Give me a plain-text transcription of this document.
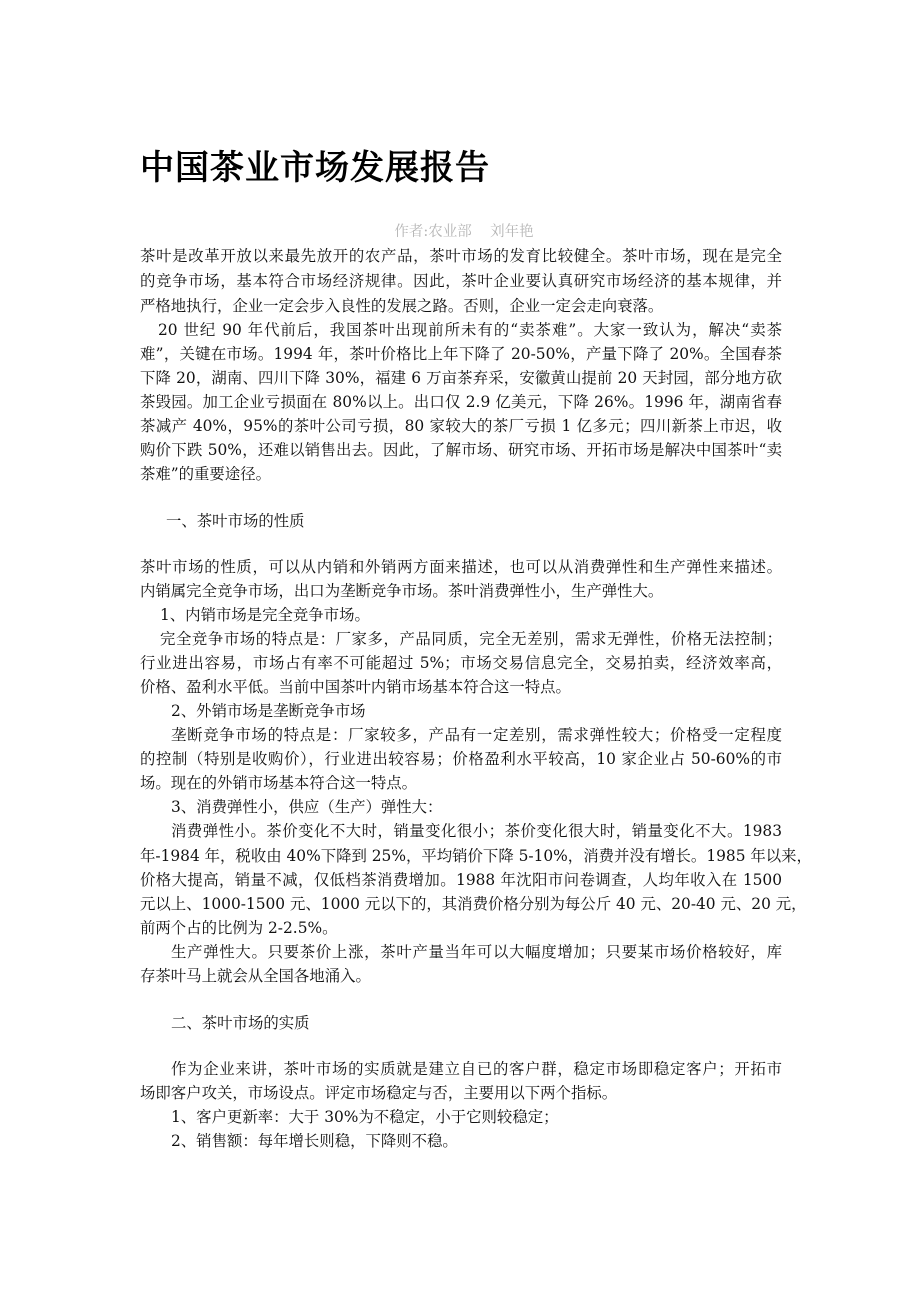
中国茶业市场发展报告
作者:农业部    刘年艳
茶叶是改革开放以来最先放开的农产品，茶叶市场的发育比较健全。茶叶市场，现在是完全
的竞争市场，基本符合市场经济规律。因此，茶叶企业要认真研究市场经济的基本规律，并
严格地执行，企业一定会步入良性的发展之路。否则，企业一定会走向衰落。
20 世纪 90 年代前后，我国茶叶出现前所未有的“卖茶难”。大家一致认为，解决“卖茶
难”，关键在市场。1994 年，茶叶价格比上年下降了 20-50%，产量下降了 20%。全国春茶
下降 20，湖南、四川下降 30%，福建 6 万亩茶弃采，安徽黄山提前 20 天封园，部分地方砍
茶毁园。加工企业亏损面在 80%以上。出口仅 2.9 亿美元，下降 26%。1996 年，湖南省春
茶减产 40%，95%的茶叶公司亏损，80 家较大的茶厂亏损 1 亿多元；四川新茶上市迟，收
购价下跌 50%，还难以销售出去。因此，了解市场、研究市场、开拓市场是解决中国茶叶“卖
茶难”的重要途径。
一、茶叶市场的性质
茶叶市场的性质，可以从内销和外销两方面来描述，也可以从消费弹性和生产弹性来描述。
内销属完全竞争市场，出口为垄断竞争市场。茶叶消费弹性小，生产弹性大。
1、内销市场是完全竞争市场。
完全竞争市场的特点是：厂家多，产品同质，完全无差别，需求无弹性，价格无法控制；
行业进出容易，市场占有率不可能超过 5%；市场交易信息完全，交易拍卖，经济效率高，
价格、盈利水平低。当前中国茶叶内销市场基本符合这一特点。
2、外销市场是垄断竞争市场
垄断竞争市场的特点是：厂家较多，产品有一定差别，需求弹性较大；价格受一定程度
的控制（特别是收购价），行业进出较容易；价格盈利水平较高，10 家企业占 50-60%的市
场。现在的外销市场基本符合这一特点。
3、消费弹性小，供应（生产）弹性大：
消费弹性小。茶价变化不大时，销量变化很小；茶价变化很大时，销量变化不大。1983
年-1984 年，税收由 40%下降到 25%，平均销价下降 5-10%，消费并没有增长。1985 年以来，
价格大提高，销量不减，仅低档茶消费增加。1988 年沈阳市问卷调查，人均年收入在 1500
元以上、1000-1500 元、1000 元以下的，其消费价格分别为每公斤 40 元、20-40 元、20 元，
前两个占的比例为 2-2.5%。
生产弹性大。只要茶价上涨，茶叶产量当年可以大幅度增加；只要某市场价格较好，库
存茶叶马上就会从全国各地涌入。
二、茶叶市场的实质
作为企业来讲，茶叶市场的实质就是建立自已的客户群，稳定市场即稳定客户；开拓市
场即客户攻关，市场设点。评定市场稳定与否，主要用以下两个指标。
1、客户更新率：大于 30%为不稳定，小于它则较稳定；
2、销售额：每年增长则稳，下降则不稳。
